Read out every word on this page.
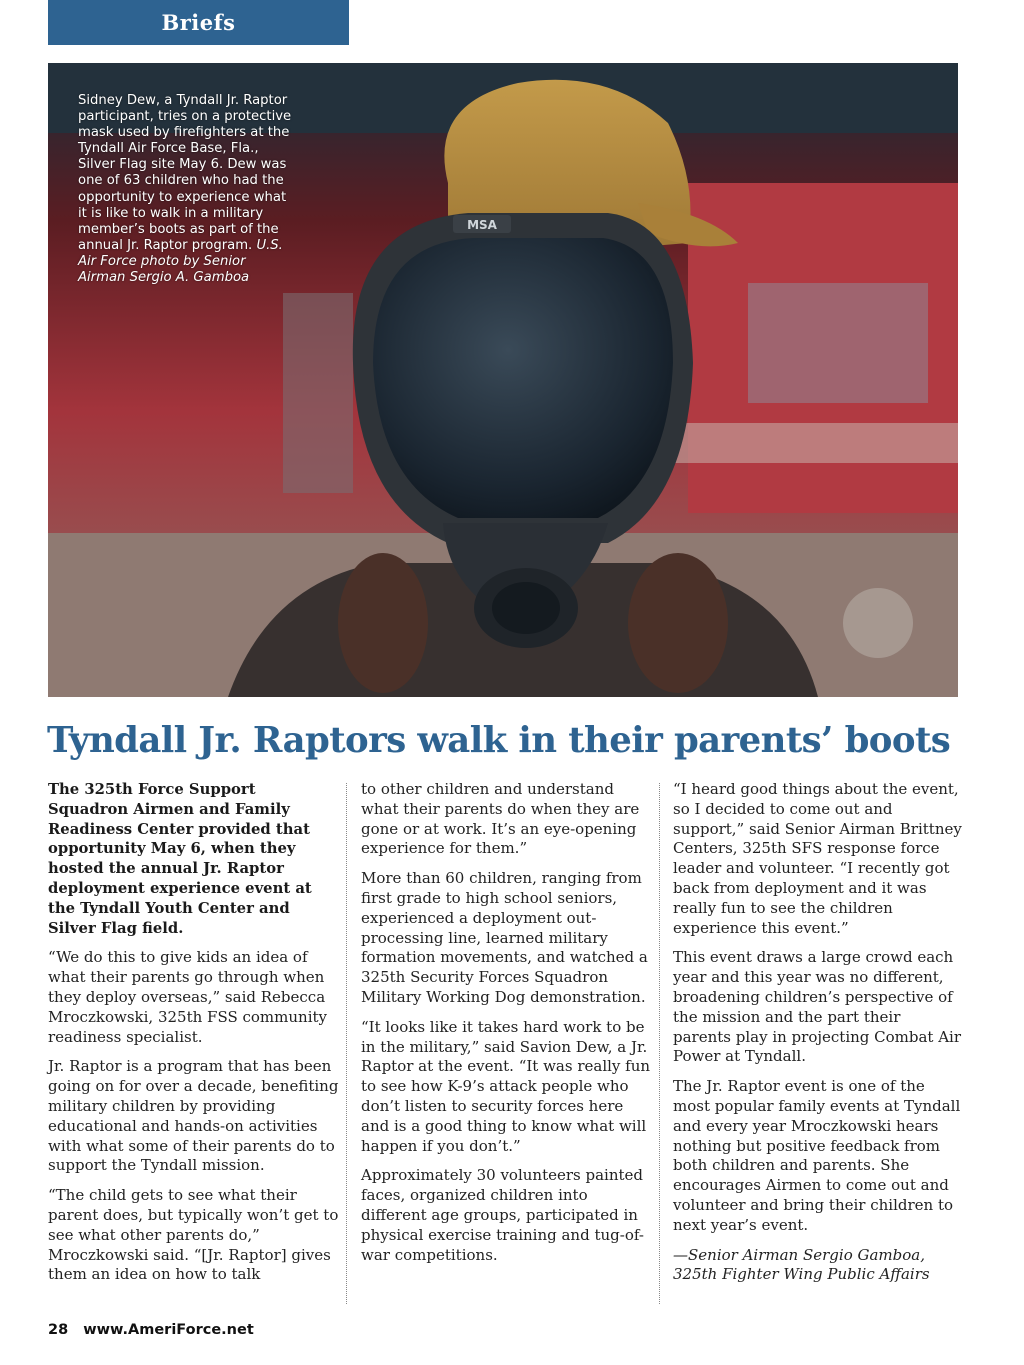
Briefs
MSA
Sidney Dew, a Tyndall Jr. Raptor participant, tries on a protective mask used by firefighters at the Tyndall Air Force Base, Fla., Silver Flag site May 6. Dew was one of 63 children who had the opportunity to experience what it is like to walk in a military member’s boots as part of the annual Jr. Raptor program. U.S. Air Force photo by Senior Airman Sergio A. Gamboa
Tyndall Jr. Raptors walk in their parents’ boots

The 325th Force Support Squadron Airmen and Family Readiness Center provided that opportunity May 6, when they hosted the annual Jr. Raptor deployment experience event at the Tyndall Youth Center and Silver Flag field.

“We do this to give kids an idea of what their parents go through when they deploy overseas,” said Rebecca Mroczkowski, 325th FSS community readiness specialist.

Jr. Raptor is a program that has been going on for over a decade, benefiting military children by providing educational and hands-on activities with what some of their parents do to support the Tyndall mission.

“The child gets to see what their parent does, but typically won’t get to see what other parents do,” Mroczkowski said. “[Jr. Raptor] gives them an idea on how to talk

to other children and understand what their parents do when they are gone or at work. It’s an eye-opening experience for them.”

More than 60 children, ranging from first grade to high school seniors, experienced a deployment out-processing line, learned military formation movements, and watched a 325th Security Forces Squadron Military Working Dog demonstration.

“It looks like it takes hard work to be in the military,” said Savion Dew, a Jr. Raptor at the event. “It was really fun to see how K-9’s attack people who don’t listen to security forces here and is a good thing to know what will happen if you don’t.”

Approximately 30 volunteers painted faces, organized children into different age groups, participated in physical exercise training and tug-of-war competitions.

“I heard good things about the event, so I decided to come out and support,” said Senior Airman Brittney Centers, 325th SFS response force leader and volunteer. “I recently got back from deployment and it was really fun to see the children experience this event.”

This event draws a large crowd each year and this year was no different, broadening children’s perspective of the mission and the part their parents play in projecting Combat Air Power at Tyndall.

The Jr. Raptor event is one of the most popular family events at Tyndall and every year Mroczkowski hears nothing but positive feedback from both children and parents. She encourages Airmen to come out and volunteer and bring their children to next year’s event.

—Senior Airman Sergio Gamboa,
325th Fighter Wing Public Affairs

28 www.AmeriForce.net
